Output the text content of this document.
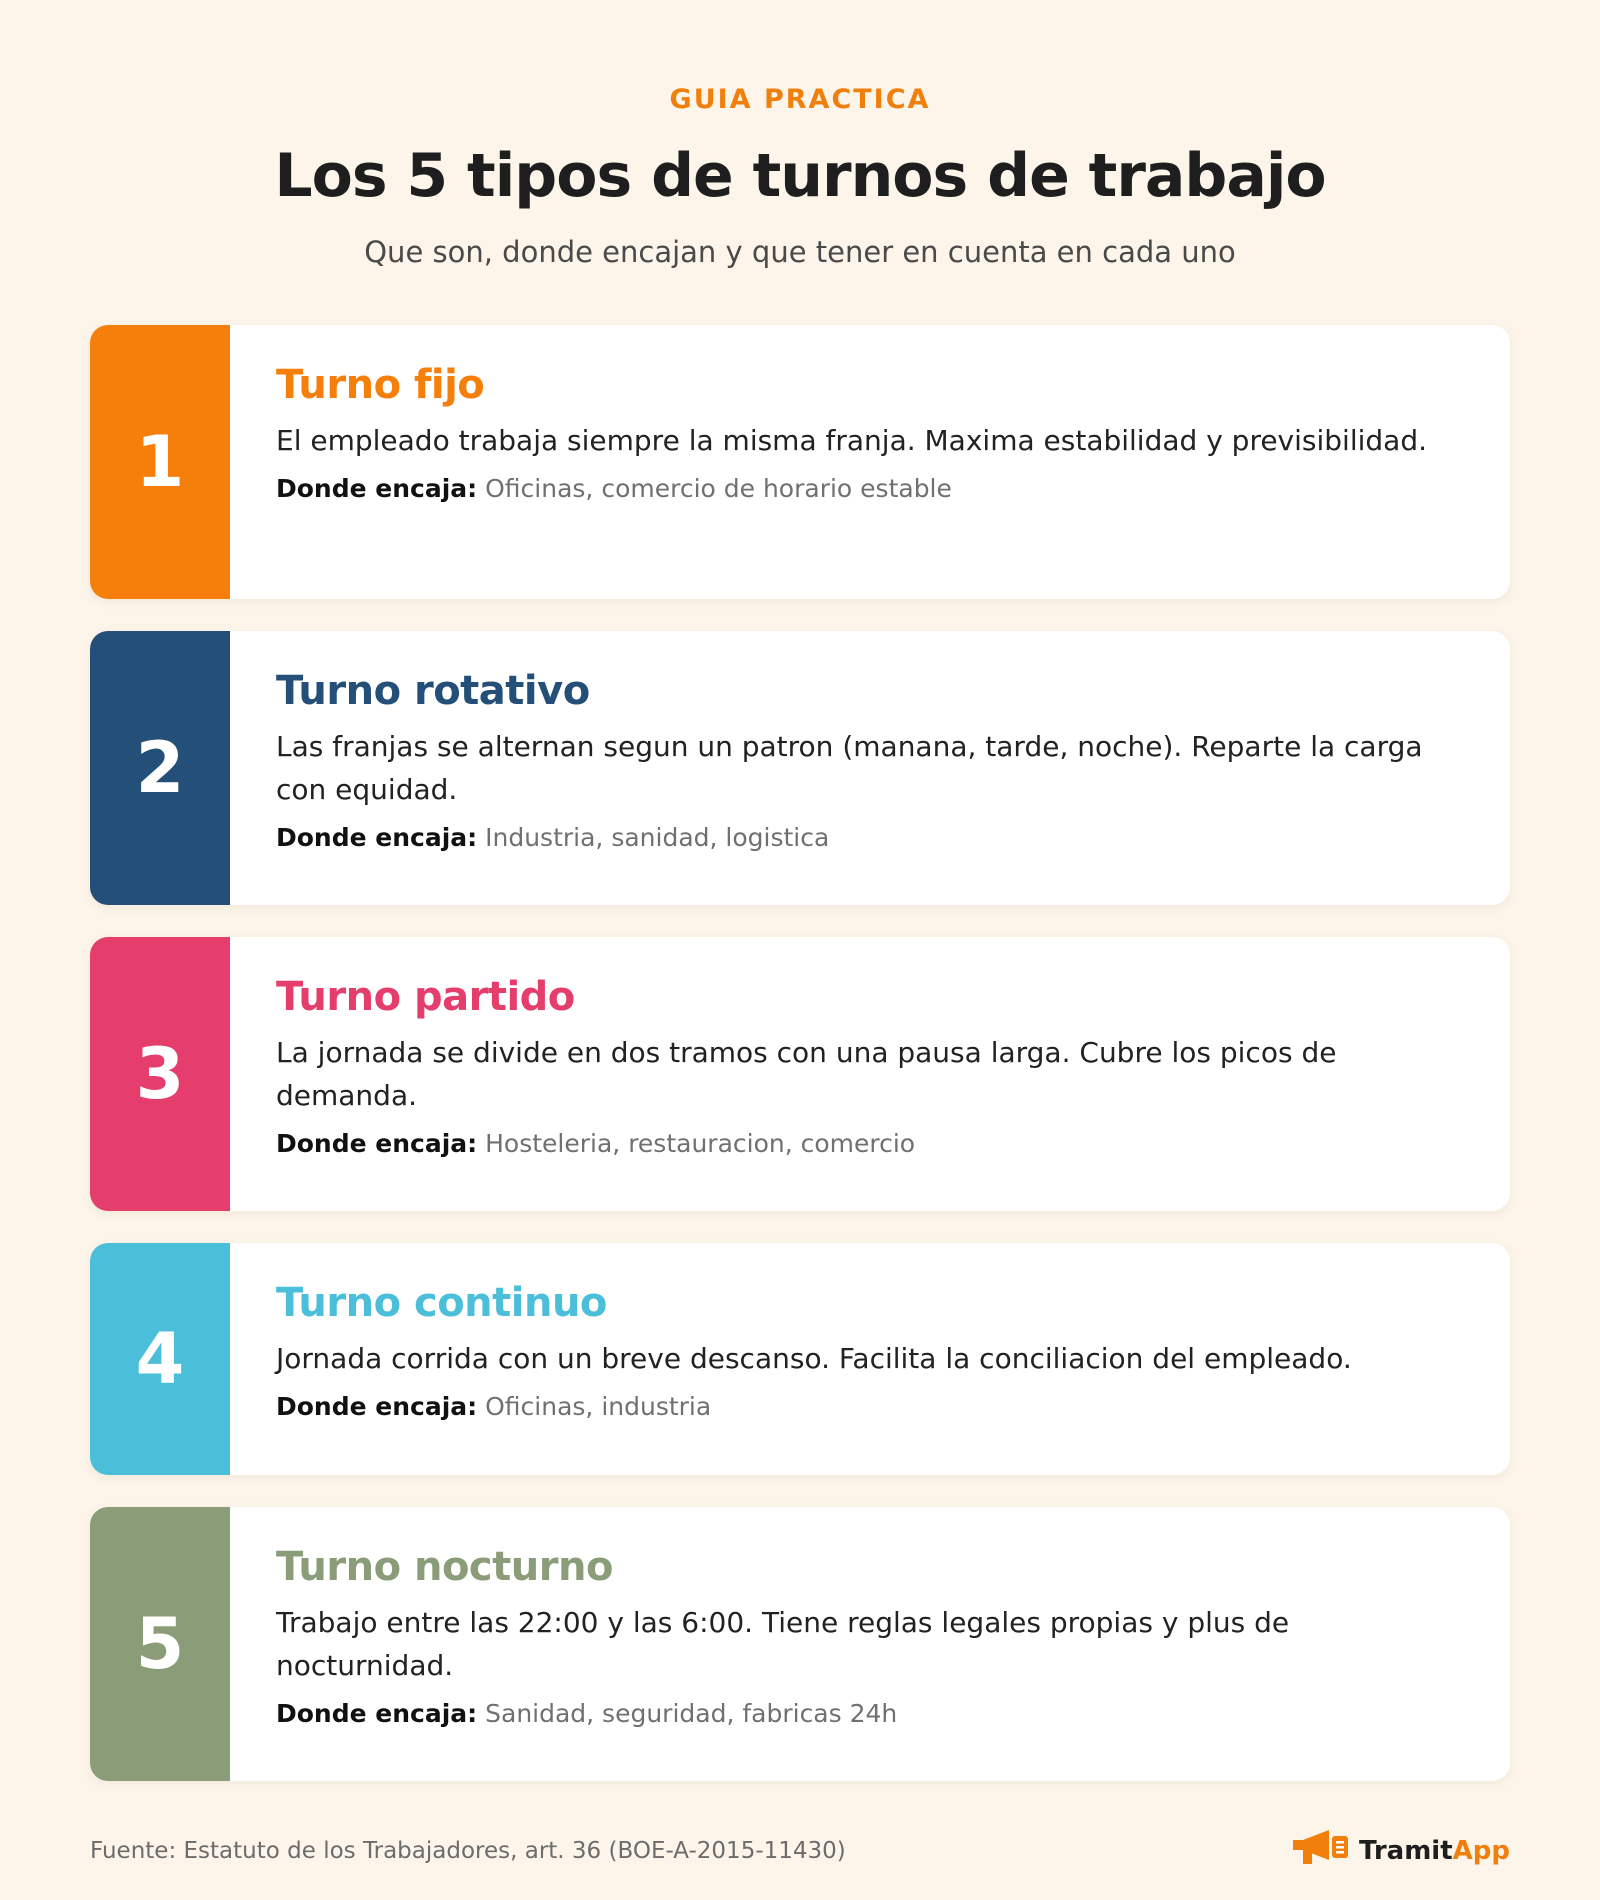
GUIA PRACTICA
Los 5 tipos de turnos de trabajo
Que son, donde encajan y que tener en cuenta en cada uno
1
Turno fijo
El empleado trabaja siempre la misma franja. Maxima estabilidad y previsibilidad.
Donde encaja: Oficinas, comercio de horario estable
2
Turno rotativo
Las franjas se alternan segun un patron (manana, tarde, noche). Reparte la carga con equidad.
Donde encaja: Industria, sanidad, logistica
3
Turno partido
La jornada se divide en dos tramos con una pausa larga. Cubre los picos de demanda.
Donde encaja: Hosteleria, restauracion, comercio
4
Turno continuo
Jornada corrida con un breve descanso. Facilita la conciliacion del empleado.
Donde encaja: Oficinas, industria
5
Turno nocturno
Trabajo entre las 22:00 y las 6:00. Tiene reglas legales propias y plus de nocturnidad.
Donde encaja: Sanidad, seguridad, fabricas 24h
Fuente: Estatuto de los Trabajadores, art. 36 (BOE-A-2015-11430)	TramitApp
